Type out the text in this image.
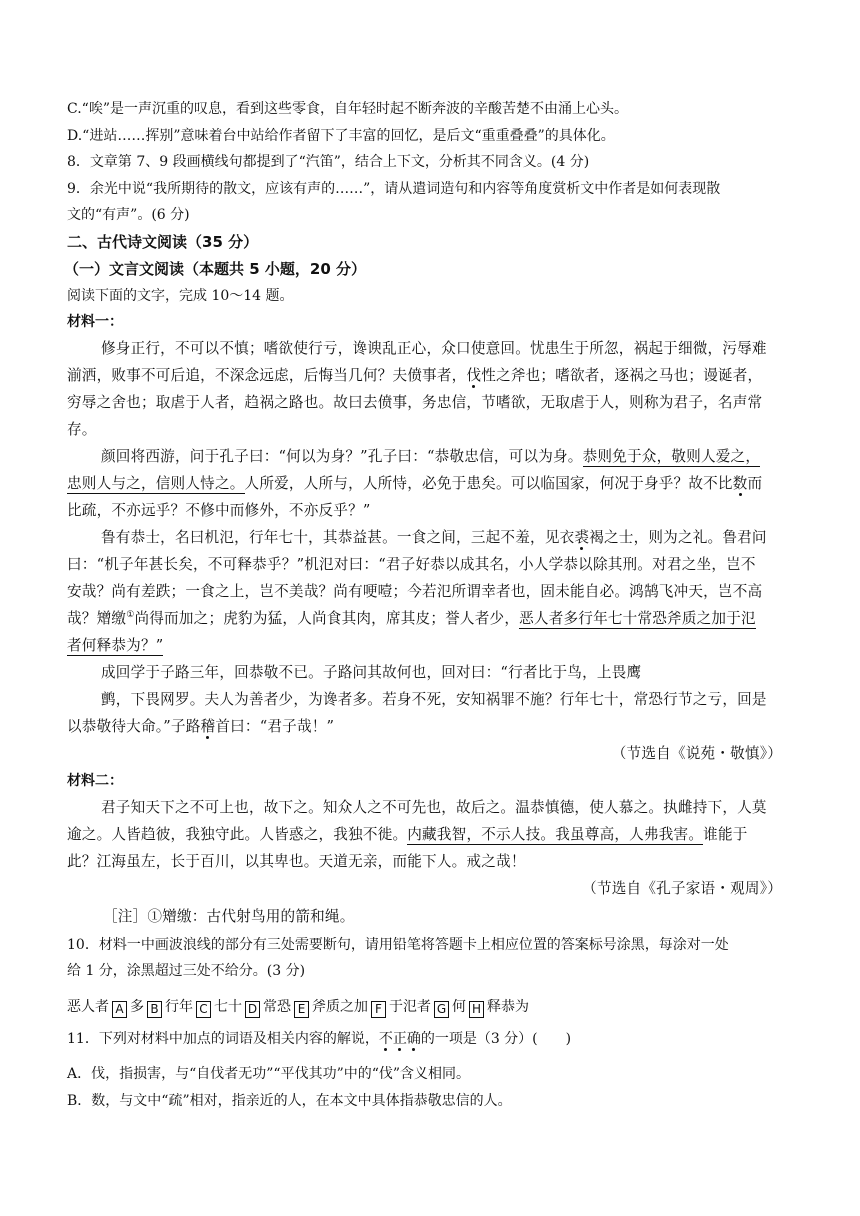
C.“唉”是一声沉重的叹息，看到这些零食，自年轻时起不断奔波的辛酸苦楚不由涌上心头。
D.“进站……挥别”意味着台中站给作者留下了丰富的回忆，是后文“重重叠叠”的具体化。
8．文章第 7、9 段画横线句都提到了“汽笛”，结合上下文，分析其不同含义。(4 分)
9．余光中说“我所期待的散文，应该有声的……”，请从遣词造句和内容等角度赏析文中作者是如何表现散
文的“有声”。(6 分)
二、古代诗文阅读（35 分）
（一）文言文阅读（本题共 5 小题，20 分）
阅读下面的文字，完成 10～14 题。
材料一：
修身正行，不可以不慎；嗜欲使行亏，谗谀乱正心，众口使意回。忧患生于所忽，祸起于细微，污辱难
湔洒，败事不可后追，不深念远虑，后悔当几何？夫偾事者，伐性之斧也；嗜欲者，逐祸之马也；谩诞者，
穷辱之舍也；取虐于人者，趋祸之路也。故曰去偾事，务忠信，节嗜欲，无取虐于人，则称为君子，名声常
存。
颜回将西游，问于孔子曰：“何以为身？”孔子曰：“恭敬忠信，可以为身。恭则免于众，敬则人爱之，
忠则人与之，信则人恃之。人所爱，人所与，人所恃，必免于患矣。可以临国家，何况于身乎？故不比数而
比疏，不亦远乎？不修中而修外，不亦反乎？”
鲁有恭士，名曰机氾，行年七十，其恭益甚。一食之间，三起不羞，见衣裘褐之士，则为之礼。鲁君问
曰：“机子年甚长矣，不可释恭乎？”机氾对曰：“君子好恭以成其名，小人学恭以除其刑。对君之坐，岂不
安哉？尚有差跌；一食之上，岂不美哉？尚有哽噎；今若氾所谓幸者也，固未能自必。鸿鹄飞冲天，岂不高
哉？矰缴①尚得而加之；虎豹为猛，人尚食其肉，席其皮；誉人者少，恶人者多行年七十常恐斧质之加于氾
者何释恭为？”
成回学于子路三年，回恭敬不已。子路问其故何也，回对曰：“行者比于鸟，上畏鹰
鹯，下畏网罗。夫人为善者少，为谗者多。若身不死，安知祸罪不施？行年七十，常恐行节之亏，回是
以恭敬待大命。”子路稽首曰：“君子哉！”
（节选自《说苑・敬慎》）
材料二：
君子知天下之不可上也，故下之。知众人之不可先也，故后之。温恭慎德，使人慕之。执雌持下，人莫
逾之。人皆趋彼，我独守此。人皆惑之，我独不徙。内藏我智，不示人技。我虽尊高，人弗我害。谁能于
此？江海虽左，长于百川，以其卑也。天道无亲，而能下人。戒之哉！
（节选自《孔子家语・观周》）
［注］①矰缴：古代射鸟用的箭和绳。
10．材料一中画波浪线的部分有三处需要断句，请用铅笔将答题卡上相应位置的答案标号涂黑，每涂对一处
给 1 分，涂黑超过三处不给分。(3 分)
恶人者 A 多 B 行年 C 七十 D 常恐 E 斧质之加 F 于氾者 G 何 H 释恭为
11．下列对材料中加点的词语及相关内容的解说，不正确的一项是（3 分）(　　)
A．伐，指损害，与“自伐者无功”“平伐其功”中的“伐”含义相同。
B．数，与文中“疏”相对，指亲近的人，在本文中具体指恭敬忠信的人。
